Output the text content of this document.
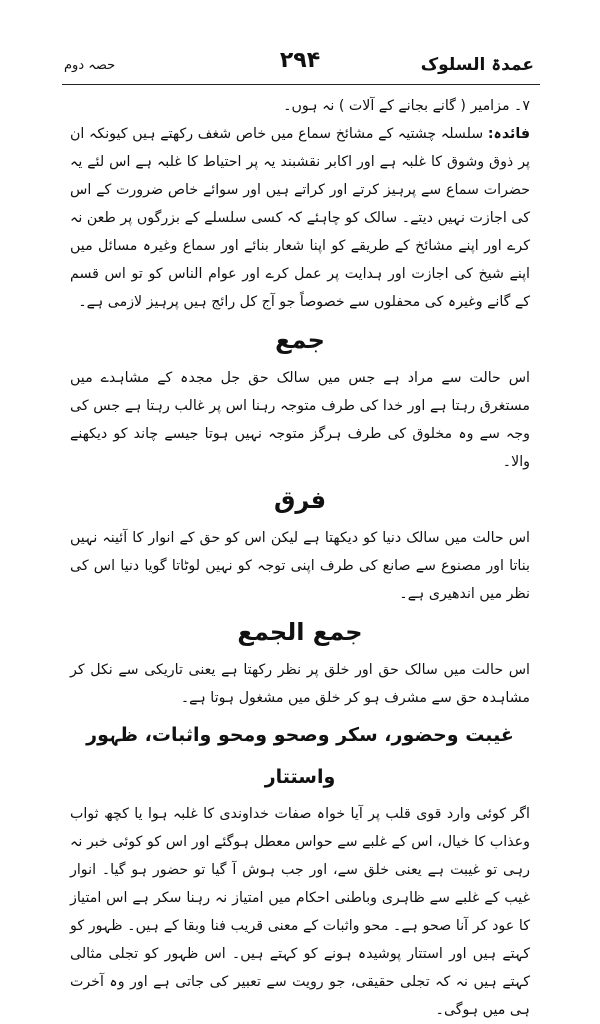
حصہ دوم	۲۹۴	عمدۃ السلوک

۷۔ مزامیر ( گانے بجانے کے آلات ) نہ ہوں۔

فائدہ: سلسلہ چشتیہ کے مشائخ سماع میں خاص شغف رکھتے ہیں کیونکہ ان پر ذوق وشوق کا غلبہ ہے اور اکابر نقشبند یہ پر احتیاط کا غلبہ ہے اس لئے یہ حضرات سماع سے پرہیز کرتے اور کراتے ہیں اور سوائے خاص ضرورت کے اس کی اجازت نہیں دیتے۔ سالک کو چاہئے کہ کسی سلسلے کے بزرگوں پر طعن نہ کرے اور اپنے مشائخ کے طریقے کو اپنا شعار بنائے اور سماع وغیرہ مسائل میں اپنے شیخ کی اجازت اور ہدایت پر عمل کرے اور عوام الناس کو تو اس قسم کے گانے وغیرہ کی محفلوں سے خصوصاً جو آج کل رائج ہیں پرہیز لازمی ہے۔

جمع

اس حالت سے مراد ہے جس میں سالک حق جل مجدہ کے مشاہدے میں مستغرق رہتا ہے اور خدا کی طرف متوجہ رہنا اس پر غالب رہتا ہے جس کی وجہ سے وہ مخلوق کی طرف ہرگز متوجہ نہیں ہوتا جیسے چاند کو دیکھنے والا۔

فرق

اس حالت میں سالک دنیا کو دیکھتا ہے لیکن اس کو حق کے انوار کا آئینہ نہیں بناتا اور مصنوع سے صانع کی طرف اپنی توجہ کو نہیں لوٹاتا گویا دنیا اس کی نظر میں اندھیری ہے۔

جمع الجمع

اس حالت میں سالک حق اور خلق پر نظر رکھتا ہے یعنی تاریکی سے نکل کر مشاہدہ حق سے مشرف ہو کر خلق میں مشغول ہوتا ہے۔

غیبت وحضور، سکر وصحو ومحو واثبات، ظہور واستتار

اگر کوئی وارد قوی قلب پر آیا خواہ صفات خداوندی کا غلبہ ہوا یا کچھ ثواب وعذاب کا خیال، اس کے غلبے سے حواس معطل ہوگئے اور اس کو کوئی خبر نہ رہی تو غیبت ہے یعنی خلق سے، اور جب ہوش آ گیا تو حضور ہو گیا۔ انوار غیب کے غلبے سے ظاہری وباطنی احکام میں امتیاز نہ رہنا سکر ہے اس امتیاز کا عود کر آنا صحو ہے۔ محو واثبات کے معنی قریب فنا وبقا کے ہیں۔ ظہور کو کہتے ہیں اور استتار پوشیدہ ہونے کو کہتے ہیں۔ اس ظہور کو تجلی مثالی کہتے ہیں نہ کہ تجلی حقیقی، جو رویت سے تعبیر کی جاتی ہے اور وہ آخرت ہی میں ہوگی۔
